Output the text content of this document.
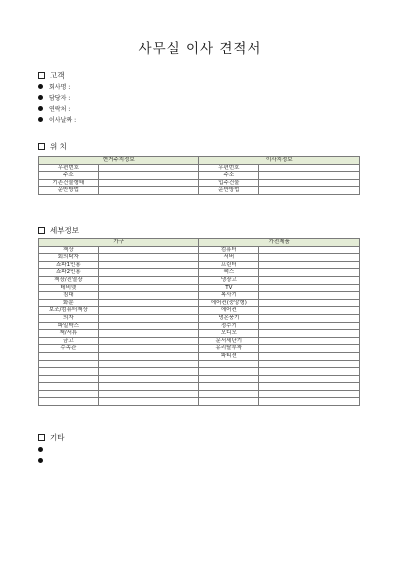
사무실 이사 견적서
고객
회사명 :
담당자 :
연락처 :
이사날짜 :
위 치
현거주지정보		이사지정보	
우편번호		우편번호	
주소		주소	
기존건물형태		입주건물	
운반방법		운반방법	
세부정보
가구		가전제품	
책상		컴퓨터	
회의탁자		서버	
쇼파1인용		프린터	
쇼파2인용		팩스	
책장/진열장		냉장고	
테비넷		TV	
침대		복사기	
화분		에어컨(중앙형)	
보조/컴퓨터책상		에어컨	
의자		냉온풍기	
파일박스		정수기	
책/서류		오디오	
금고		문서세단기	
수족관		유리탈부착	
		파티션	

기타
